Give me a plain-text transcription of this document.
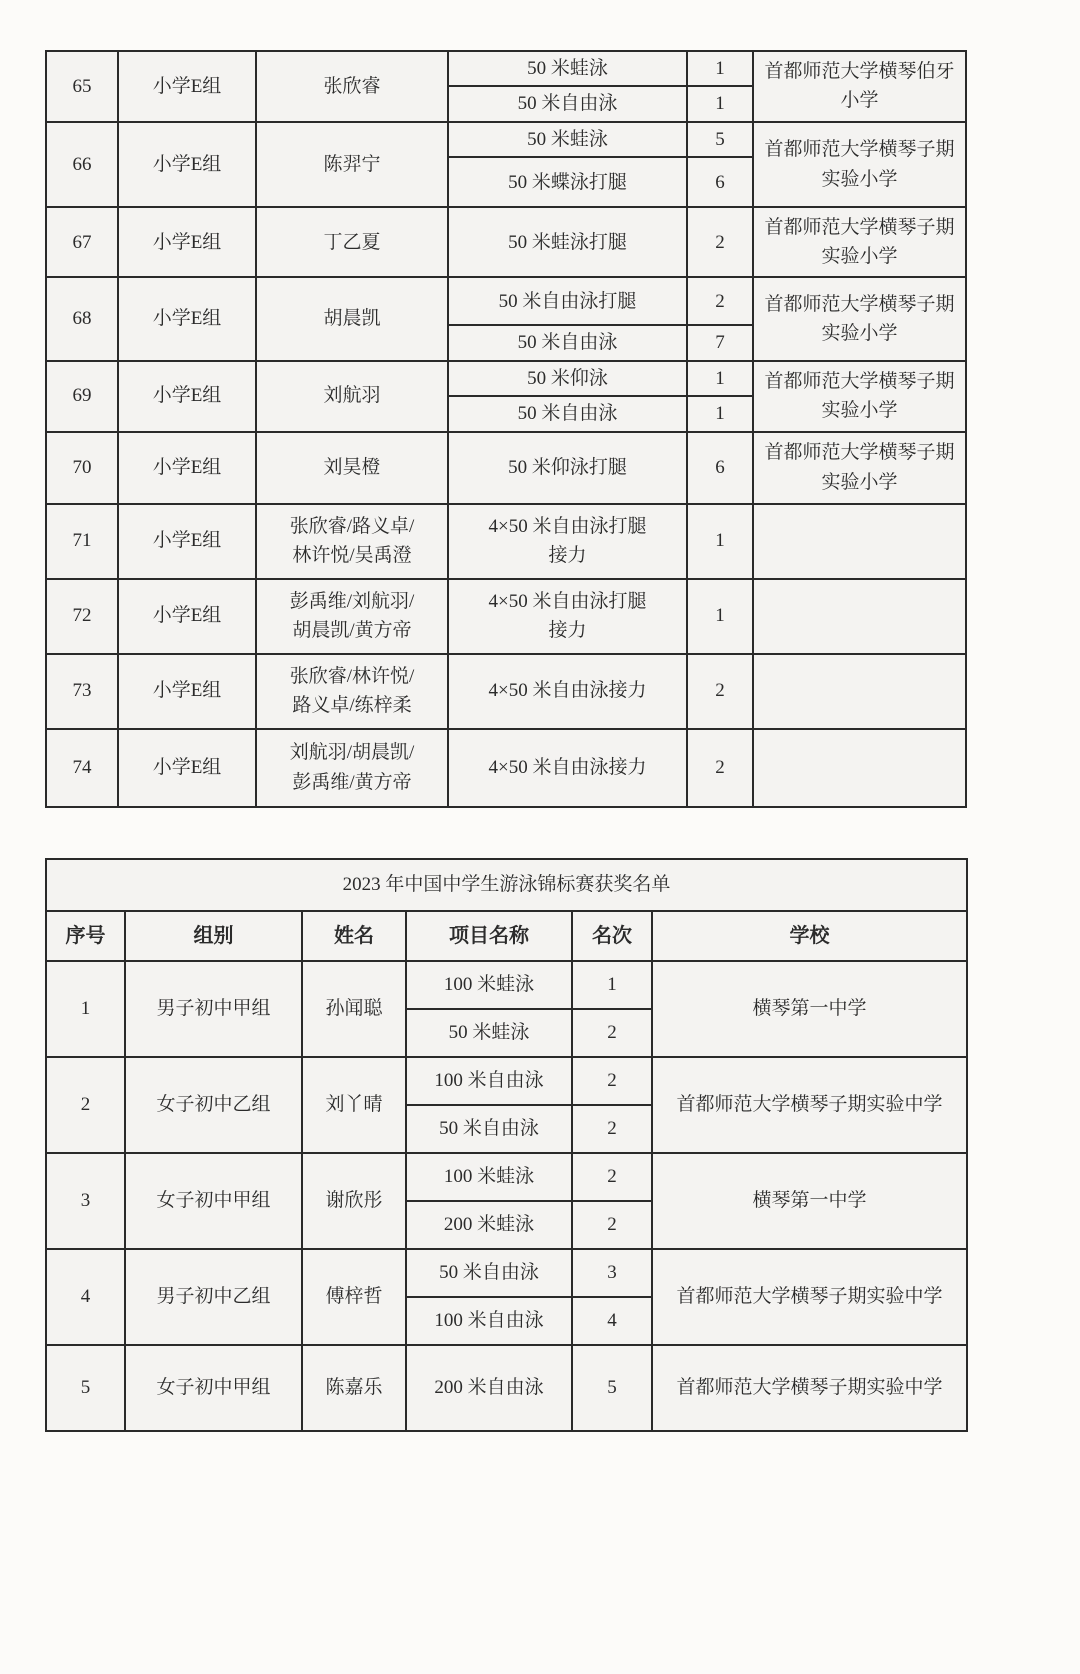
65	小学E组	张欣睿	50 米蛙泳	1	首都师范大学横琴伯牙小学
			50 米自由泳	1	
66	小学E组	陈羿宁	50 米蛙泳	5	首都师范大学横琴子期实验小学
			50 米蝶泳打腿	6	
67	小学E组	丁乙夏	50 米蛙泳打腿	2	首都师范大学横琴子期实验小学
68	小学E组	胡晨凯	50 米自由泳打腿	2	首都师范大学横琴子期实验小学
			50 米自由泳	7	
69	小学E组	刘航羽	50 米仰泳	1	首都师范大学横琴子期实验小学
			50 米自由泳	1	
70	小学E组	刘昊橙	50 米仰泳打腿	6	首都师范大学横琴子期实验小学
71	小学E组	张欣睿/路义卓/林许悦/吴禹澄	4×50 米自由泳打腿接力	1	
72	小学E组	彭禹维/刘航羽/胡晨凯/黄方帝	4×50 米自由泳打腿接力	1	
73	小学E组	张欣睿/林许悦/路义卓/练梓柔	4×50 米自由泳接力	2	
74	小学E组	刘航羽/胡晨凯/彭禹维/黄方帝	4×50 米自由泳接力	2	
2023 年中国中学生游泳锦标赛获奖名单					
序号	组别	姓名	项目名称	名次	学校
1	男子初中甲组	孙闻聪	100 米蛙泳	1	横琴第一中学
			50 米蛙泳	2	
2	女子初中乙组	刘丫晴	100 米自由泳	2	首都师范大学横琴子期实验中学
			50 米自由泳	2	
3	女子初中甲组	谢欣彤	100 米蛙泳	2	横琴第一中学
			200 米蛙泳	2	
4	男子初中乙组	傅梓哲	50 米自由泳	3	首都师范大学横琴子期实验中学
			100 米自由泳	4	
5	女子初中甲组	陈嘉乐	200 米自由泳	5	首都师范大学横琴子期实验中学
